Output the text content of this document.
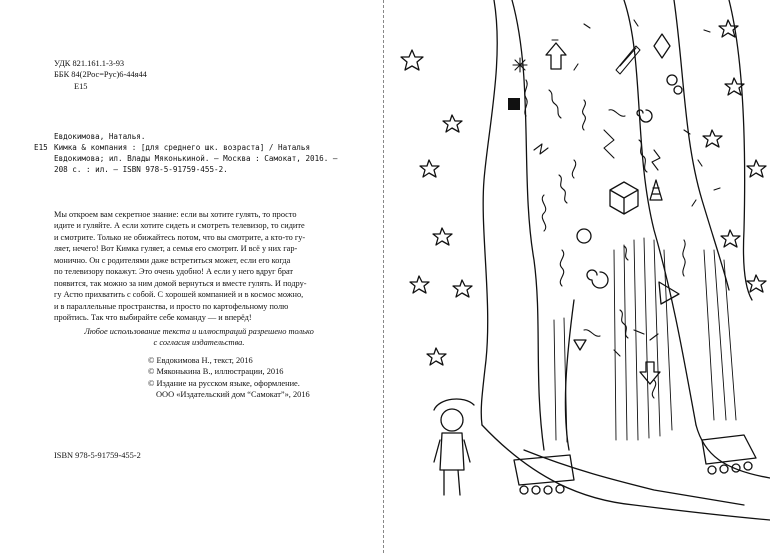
УДК 821.161.1-3-93

ББК 84(2Рос=Рус)6-44я44

Е15

Евдокимова, Наталья.

Е15 Кимка & компания : [для среднего шк. возраста] / Наталья

Евдокимова; ил. Влады Мяконькиной. — Москва : Самокат, 2016. —

208 с. : ил. — ISBN 978-5-91759-455-2.

Мы откроем вам секретное знание: если вы хотите гулять, то просто

идите и гуляйте. А если хотите сидеть и смотреть телевизор, то сидите

и смотрите. Только не обижайтесь потом, что вы смотрите, а кто-то гу-

ляет, нечего! Вот Кимка гуляет, а семья его смотрит. И всё у них гар-

монично. Он с родителями даже встретиться может, если его когда

по телевизору покажут. Это очень удобно! А если у него вдруг брат

появится, так можно за ним домой вернуться и вместе гулять. И подру-

гу Астю прихватить с собой. С хорошей компанией и в космос можно,

и в параллельные пространства, и просто по картофельному полю

пройтись. Так что выбирайте себе команду — и вперёд!

Любое использование текста и иллюстраций разрешено только

с согласия издательства.

© Евдокимова Н., текст, 2016

© Мяконькина В., иллюстрации, 2016

© Издание на русском языке, оформление.

ООО «Издательский дом “Самокат”», 2016

ISBN 978-5-91759-455-2
